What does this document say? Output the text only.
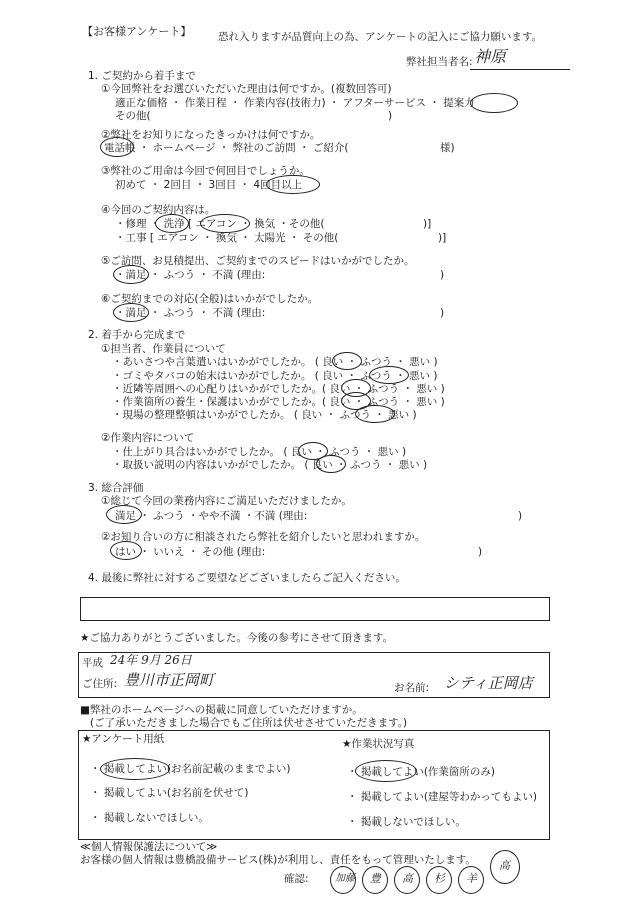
【お客様アンケート】	恐れ入りますが品質向上の為、アンケートの記入にご協力願います。
弊社担当者名: 神原
1. ご契約から着手まで
①今回弊社をお選びいただいた理由は何ですか。(複数回答可)
適正な価格 ・ 作業日程 ・ 作業内容(技術力) ・ アフターサービス ・ 提案力
その他(	)
②弊社をお知りになったきっかけは何ですか。
電話帳 ・ ホームページ ・ 弊社のご訪問 ・ ご紹介(	様)
③弊社のご用命は今回で何回目でしょうか。
初めて ・ 2回目 ・ 3回目 ・ 4回目以上
④今回のご契約内容は。
・修理 ・ 洗浄 [ エアコン ・ 換気 ・その他(	)]
・工事 [ エアコン ・ 換気 ・ 太陽光 ・ その他(	)]
⑤ご訪問、お見積提出、ご契約までのスピードはいかがでしたか。
・満足 ・ ふつう ・ 不満 (理由:	)
⑥ご契約までの対応(全般)はいかがでしたか。
・満足 ・ ふつう ・ 不満 (理由:	)
2. 着手から完成まで
①担当者、作業員について
・あいさつや言葉遣いはいかがでしたか。 ( 良い ・ ふつう ・ 悪い )
・ゴミやタバコの始末はいかがでしたか。 ( 良い ・ ふつう ・ 悪い )
・近隣等周囲への心配りはいかがでしたか。( 良い ・ ふつう ・ 悪い )
・作業箇所の養生・保護はいかがでしたか。( 良い ・ ふつう ・ 悪い )
・現場の整理整頓はいかがでしたか。 ( 良い ・ ふつう ・ 悪い )
②作業内容について
・仕上がり具合はいかがでしたか。 ( 良い ・ ふつう ・ 悪い )
・取扱い説明の内容はいかがでしたか。 ( 良い ・ ふつう ・ 悪い )
3. 総合評価
①総じて今回の業務内容にご満足いただけましたか。
満足 ・ ふつう ・やや不満 ・不満 (理由:	)
②お知り合いの方に相談されたら弊社を紹介したいと思われますか。
はい ・ いいえ ・ その他 (理由:	)
4. 最後に弊社に対するご要望などございましたらご記入ください。
★ご協力ありがとうございました。今後の参考にさせて頂きます。
平成 24年 9月 26日
ご住所: 豊川市正岡町	お名前: シティ正岡店
■弊社のホームページへの掲載に同意していただけますか。
(ご了承いただきました場合でもご住所は伏せさせていただきます。)
★アンケート用紙
・ 掲載してよい(お名前記載のままでよい)
・ 掲載してよい(お名前を伏せて)
・ 掲載しないでほしい。
★作業状況写真
・ 掲載してよい(作業箇所のみ)
・ 掲載してよい(建屋等わかってもよい)
・ 掲載しないでほしい。
≪個人情報保護法について≫
お客様の個人情報は豊橋設備サービス(株)が利用し、責任をもって管理いたします。
確認:	加藤 豊 高 杉 羊
高
